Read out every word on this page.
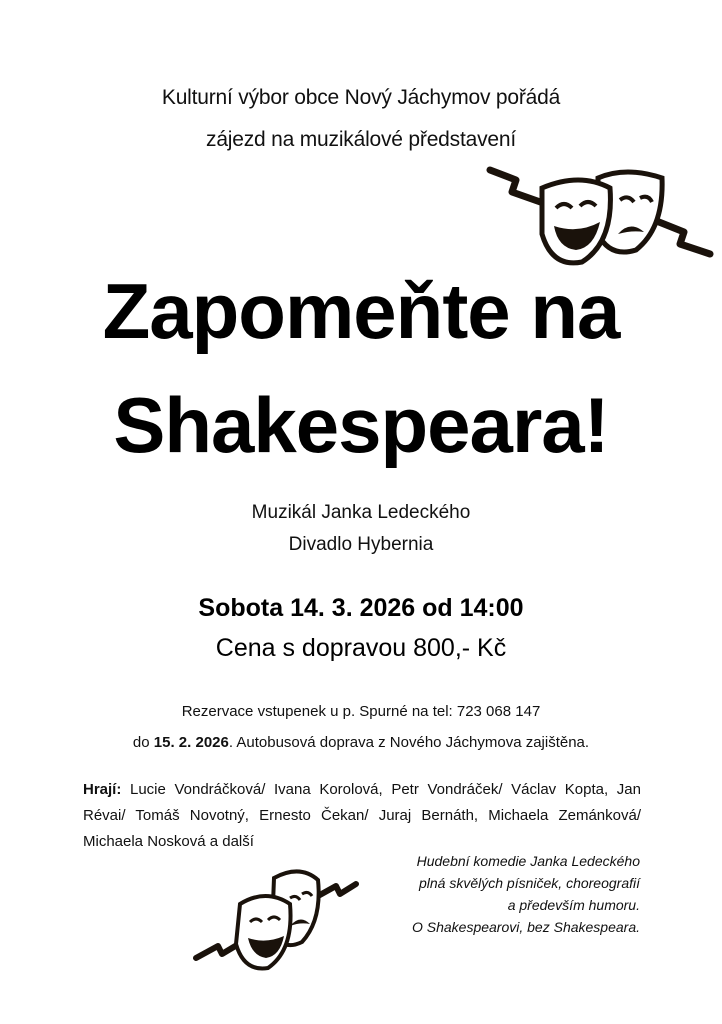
Kulturní výbor obce Nový Jáchymov pořádá
zájezd na muzikálové představení
Zapomeňte na
Shakespeara!
Muzikál Janka Ledeckého
Divadlo Hybernia
Sobota 14. 3. 2026 od 14:00
Cena s dopravou 800,- Kč
Rezervace vstupenek u p. Spurné na tel: 723 068 147
do 15. 2. 2026. Autobusová doprava z Nového Jáchymova zajištěna.
Hrají: Lucie Vondráčková/ Ivana Korolová, Petr Vondráček/ Václav Kopta, Jan Révai/ Tomáš Novotný, Ernesto Čekan/ Juraj Bernáth, Michaela Zemánková/ Michaela Nosková a další
Hudební komedie Janka Ledeckého
plná skvělých písniček, choreografií
a především humoru.
O Shakespearovi, bez Shakespeara.
